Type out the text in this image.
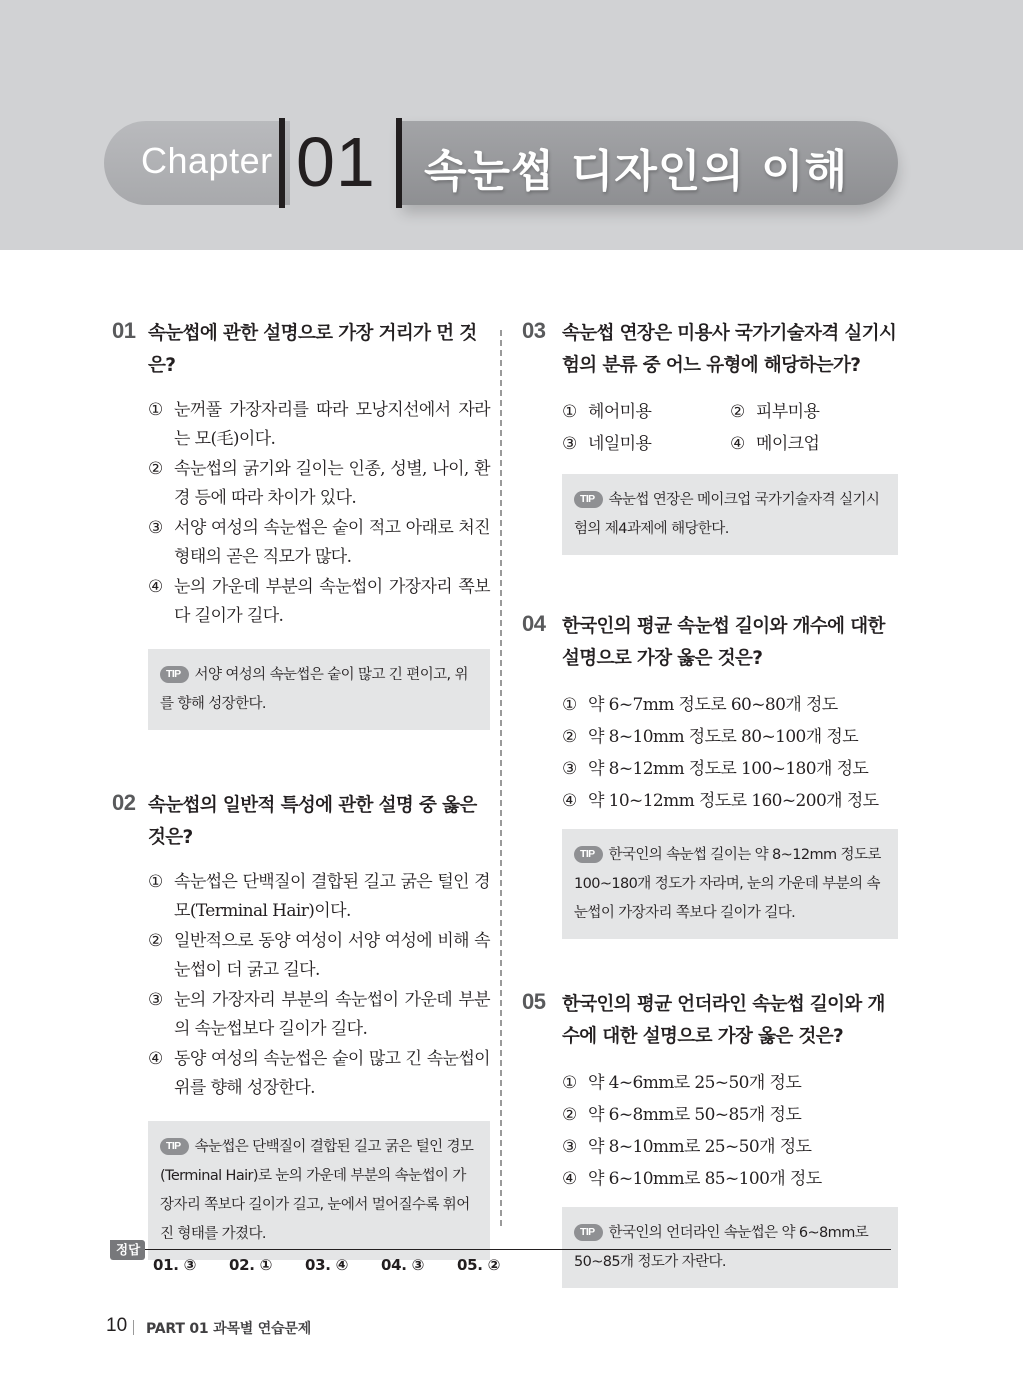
Chapter 01 속눈썹 디자인의 이해
01 속눈썹에 관한 설명으로 가장 거리가 먼 것은?
① 눈꺼풀 가장자리를 따라 모낭지선에서 자라는 모(毛)이다.
② 속눈썹의 굵기와 길이는 인종, 성별, 나이, 환경 등에 따라 차이가 있다.
③ 서양 여성의 속눈썹은 숱이 적고 아래로 처진 형태의 곧은 직모가 많다.
④ 눈의 가운데 부분의 속눈썹이 가장자리 쪽보다 길이가 길다.
TIP 서양 여성의 속눈썹은 숱이 많고 긴 편이고, 위를 향해 성장한다.
02 속눈썹의 일반적 특성에 관한 설명 중 옳은 것은?
① 속눈썹은 단백질이 결합된 길고 굵은 털인 경모(Terminal Hair)이다.
② 일반적으로 동양 여성이 서양 여성에 비해 속눈썹이 더 굵고 길다.
③ 눈의 가장자리 부분의 속눈썹이 가운데 부분의 속눈썹보다 길이가 길다.
④ 동양 여성의 속눈썹은 숱이 많고 긴 속눈썹이 위를 향해 성장한다.
TIP 속눈썹은 단백질이 결합된 길고 굵은 털인 경모(Terminal Hair)로 눈의 가운데 부분의 속눈썹이 가장자리 쪽보다 길이가 길고, 눈에서 멀어질수록 휘어진 형태를 가졌다.
03 속눈썹 연장은 미용사 국가기술자격 실기시험의 분류 중 어느 유형에 해당하는가?
① 헤어미용	② 피부미용
③ 네일미용	④ 메이크업
TIP 속눈썹 연장은 메이크업 국가기술자격 실기시험의 제4과제에 해당한다.
04 한국인의 평균 속눈썹 길이와 개수에 대한 설명으로 가장 옳은 것은?
① 약 6~7mm 정도로 60~80개 정도
② 약 8~10mm 정도로 80~100개 정도
③ 약 8~12mm 정도로 100~180개 정도
④ 약 10~12mm 정도로 160~200개 정도
TIP 한국인의 속눈썹 길이는 약 8~12mm 정도로 100~180개 정도가 자라며, 눈의 가운데 부분의 속눈썹이 가장자리 쪽보다 길이가 길다.
05 한국인의 평균 언더라인 속눈썹 길이와 개수에 대한 설명으로 가장 옳은 것은?
① 약 4~6mm로 25~50개 정도
② 약 6~8mm로 50~85개 정도
③ 약 8~10mm로 25~50개 정도
④ 약 6~10mm로 85~100개 정도
TIP 한국인의 언더라인 속눈썹은 약 6~8mm로 50~85개 정도가 자란다.
정답
01. ③ 02. ① 03. ④ 04. ③ 05. ②
10 PART 01 과목별 연습문제
